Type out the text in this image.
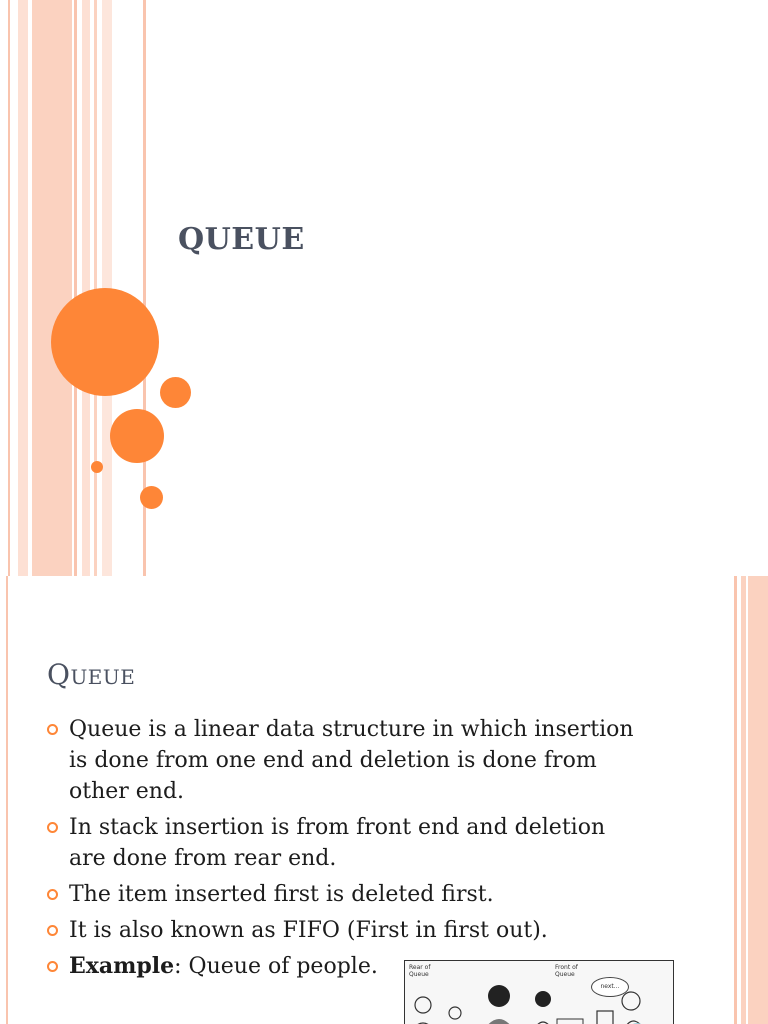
QUEUE
Queue
Queue is a linear data structure in which insertion is done from one end and deletion is done from other end.
In stack insertion is from front end and deletion are done from rear end.
The item inserted first is deleted first.
It is also known as FIFO (First in first out).
Example: Queue of people.	Rear of Queue
Front of Queue
next...
